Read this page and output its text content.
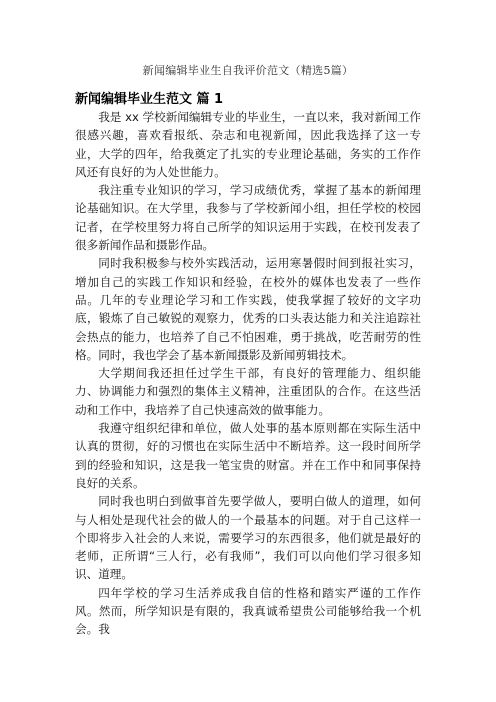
新闻编辑毕业生自我评价范文（精选5篇）
新闻编辑毕业生范文 篇 1

我是 xx 学校新闻编辑专业的毕业生，一直以来，我对新闻工作很感兴趣，喜欢看报纸、杂志和电视新闻，因此我选择了这一专业，大学的四年，给我奠定了扎实的专业理论基础，务实的工作作风还有良好的为人处世能力。

我注重专业知识的学习，学习成绩优秀，掌握了基本的新闻理论基础知识。在大学里，我参与了学校新闻小组，担任学校的校园记者，在学校里努力将自己所学的知识运用于实践，在校刊发表了很多新闻作品和摄影作品。

同时我积极参与校外实践活动，运用寒暑假时间到报社实习，增加自己的实践工作知识和经验，在校外的媒体也发表了一些作品。几年的专业理论学习和工作实践，使我掌握了较好的文字功底，锻炼了自己敏锐的观察力，优秀的口头表达能力和关注追踪社会热点的能力，也培养了自己不怕困难，勇于挑战，吃苦耐劳的性格。同时，我也学会了基本新闻摄影及新闻剪辑技术。

大学期间我还担任过学生干部，有良好的管理能力、组织能力、协调能力和强烈的集体主义精神，注重团队的合作。在这些活动和工作中，我培养了自己快速高效的做事能力。

我遵守组织纪律和单位，做人处事的基本原则都在实际生活中认真的贯彻，好的习惯也在实际生活中不断培养。这一段时间所学到的经验和知识，这是我一笔宝贵的财富。并在工作中和同事保持良好的关系。

同时我也明白到做事首先要学做人，要明白做人的道理，如何与人相处是现代社会的做人的一个最基本的问题。对于自己这样一个即将步入社会的人来说，需要学习的东西很多，他们就是最好的老师，正所谓“三人行，必有我师”，我们可以向他们学习很多知识、道理。

四年学校的学习生活养成我自信的性格和踏实严谨的工作作风。然而，所学知识是有限的，我真诚希望贵公司能够给我一个机会。我
